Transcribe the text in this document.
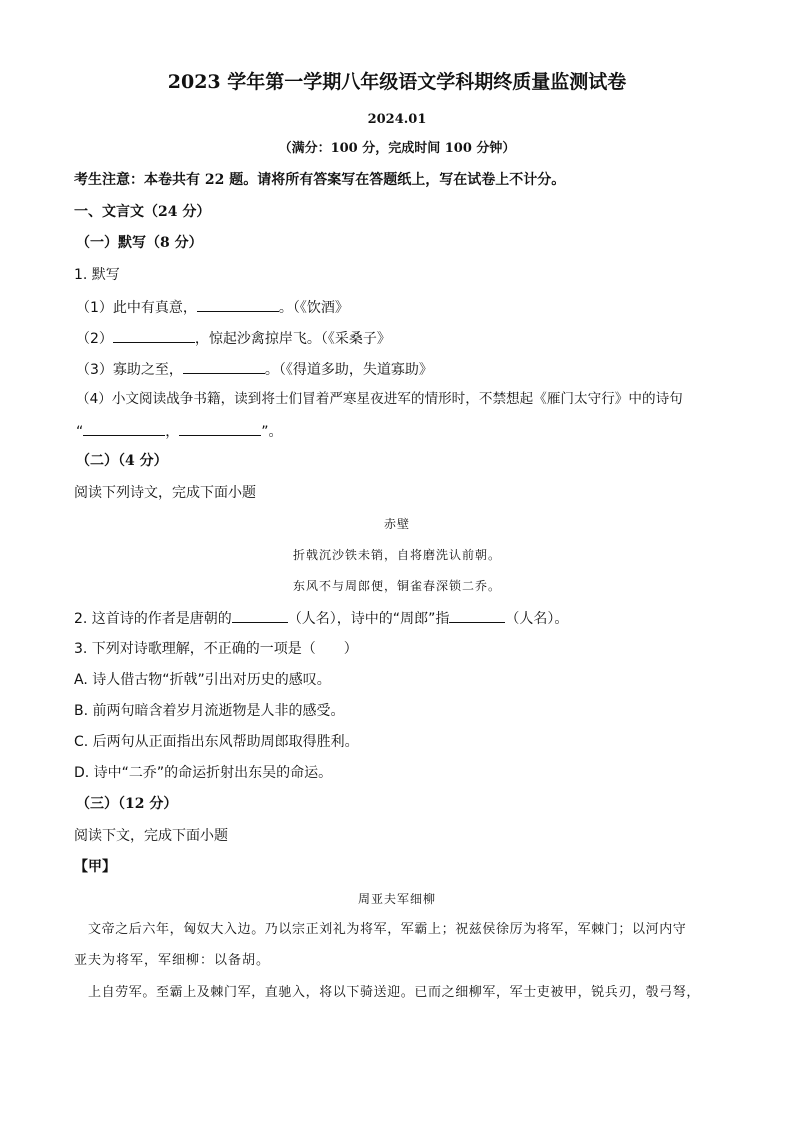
2023 学年第一学期八年级语文学科期终质量监测试卷
2024.01
（满分：100 分，完成时间 100 分钟）
考生注意：本卷共有 22 题。请将所有答案写在答题纸上，写在试卷上不计分。
一、文言文（24 分）
（一）默写（8 分）
1. 默写
（1）此中有真意，	。（《饮酒》
（2）	，惊起沙禽掠岸飞。（《采桑子》
（3）寡助之至，	。（《得道多助，失道寡助》
（4）小文阅读战争书籍，读到将士们冒着严寒星夜进军的情形时，不禁想起《雁门太守行》中的诗句
“	，	”。
（二）（4 分）
阅读下列诗文，完成下面小题
赤壁
折戟沉沙铁未销，自将磨洗认前朝。
东风不与周郎便，铜雀春深锁二乔。
2. 这首诗的作者是唐朝的	（人名），诗中的“周郎”指	（人名）。
3. 下列对诗歌理解，不正确的一项是（　　）
A. 诗人借古物“折戟”引出对历史的感叹。
B. 前两句暗含着岁月流逝物是人非的感受。
C. 后两句从正面指出东风帮助周郎取得胜利。
D. 诗中“二乔”的命运折射出东吴的命运。
（三）（12 分）
阅读下文，完成下面小题
【甲】
周亚夫军细柳
文帝之后六年，匈奴大入边。乃以宗正刘礼为将军，军霸上；祝兹侯徐厉为将军，军棘门；以河内守
亚夫为将军，军细柳：以备胡。
上自劳军。至霸上及棘门军，直驰入，将以下骑送迎。已而之细柳军，军士吏被甲，锐兵刃，彀弓弩，
